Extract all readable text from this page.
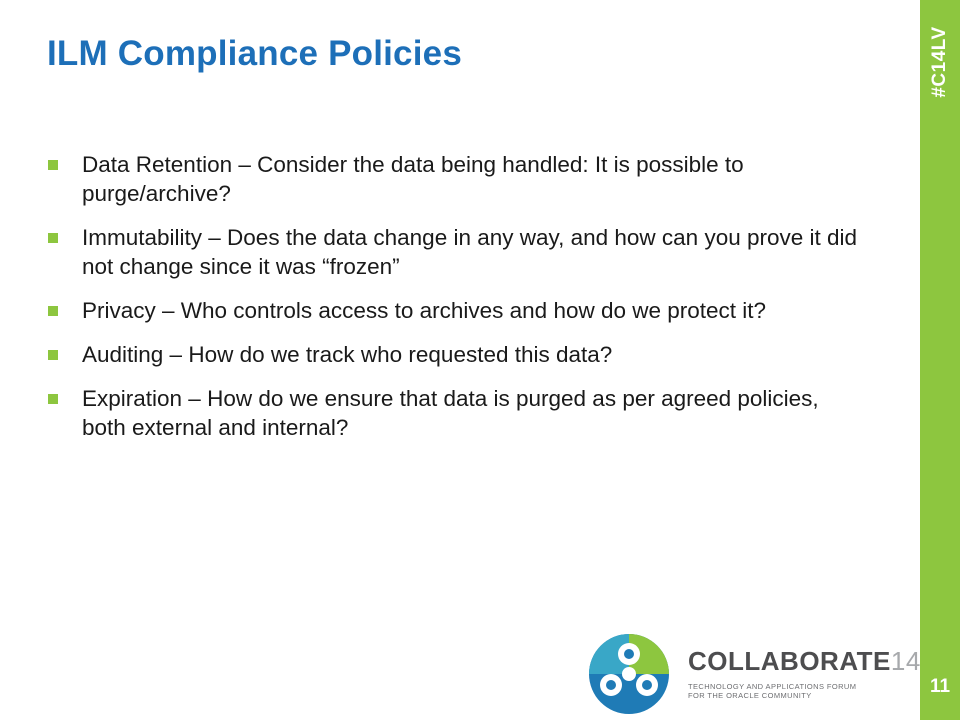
ILM Compliance Policies
Data Retention – Consider the data being handled: It is possible to purge/archive?
Immutability – Does the data change in any way, and how can you prove it did not change since it was “frozen”
Privacy – Who controls access to archives and how do we protect it?
Auditing – How do we track who requested this data?
Expiration – How do we ensure that data is purged as per agreed policies, both external and internal?
#C14LV
11
COLLABORATE14
TECHNOLOGY AND APPLICATIONS FORUM
FOR THE ORACLE COMMUNITY
